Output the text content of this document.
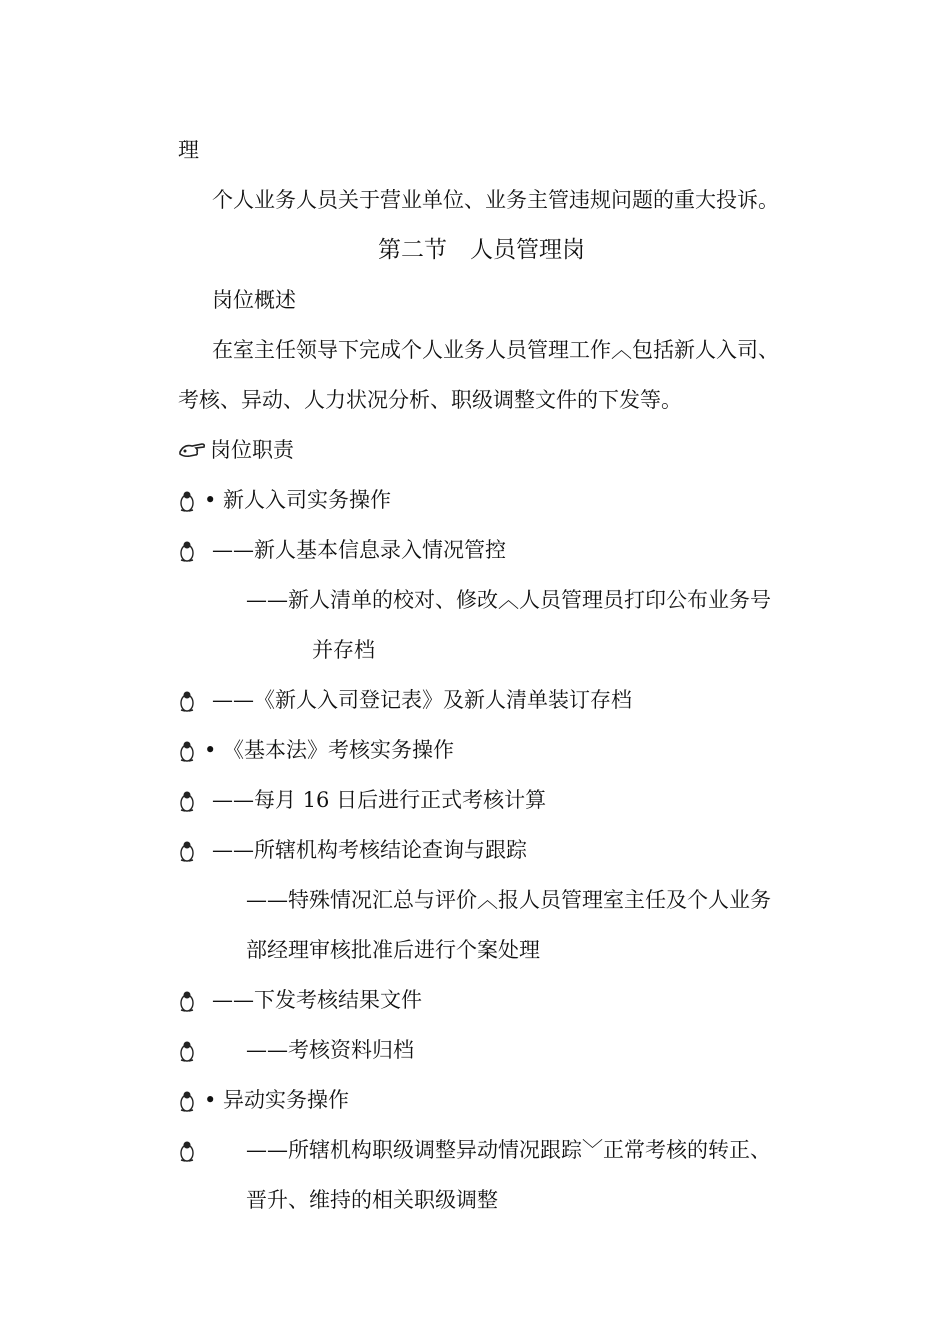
理
个人业务人员关于营业单位、业务主管违规问题的重大投诉。
第二节　人员管理岗
岗位概述
在室主任领导下完成个人业务人员管理工作︿包括新人入司、
考核、异动、人力状况分析、职级调整文件的下发等。
岗位职责
• 新人入司实务操作
——新人基本信息录入情况管控
——新人清单的校对、修改︿人员管理员打印公布业务号
并存档
——《新人入司登记表》及新人清单装订存档
• 《基本法》考核实务操作
——每月 16 日后进行正式考核计算
——所辖机构考核结论查询与跟踪
——特殊情况汇总与评价︿报人员管理室主任及个人业务
部经理审核批准后进行个案处理
——下发考核结果文件
——考核资料归档
• 异动实务操作
——所辖机构职级调整异动情况跟踪﹀正常考核的转正、
晋升、维持的相关职级调整
